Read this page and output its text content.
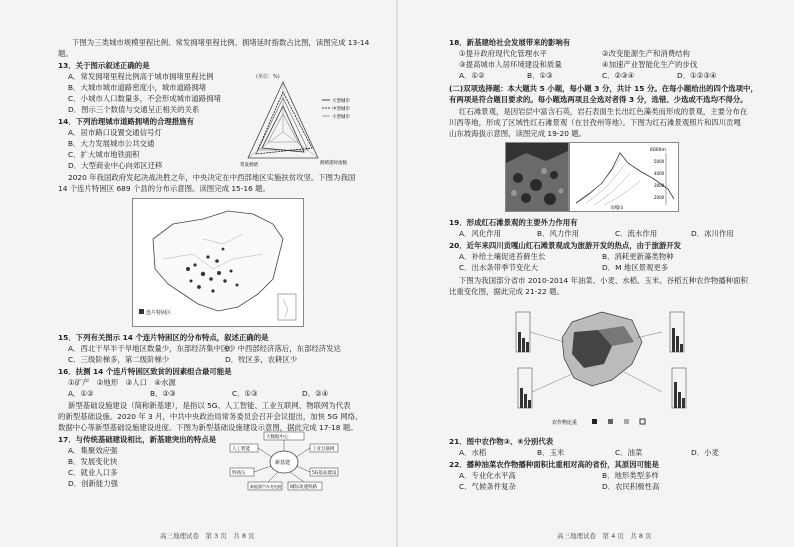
下图为三类城市规模里程比例、常发拥堵里程比例、拥堵延时指数占比图，读图完成 13-14
题。
13．关于图示叙述正确的是
A．常发拥堵里程比例高于城市拥堵里程比例
B．大城市城市道路密度小，城市道路拥堵
C．小城市人口数量多，不会形成城市道路拥堵
D．图示三个数值与交通呈正相关的关系
14．下列治理城市道路拥堵的合理措施有
A．居市路口设置交通信号灯
B．大力发展城市公共交通
C．扩大城市地铁面积
D．大型商业中心向郊区迁移
(单位：%)
大型城市
中型城市
小型城市
常发拥堵	拥堵延时指数
2020 年我国政府发起决战决胜之年，中央决定在中西部地区实施扶贫攻坚。下图为我国
14 个连片特困区 689 个县的分布示意图。读图完成 15-16 题。
连片特困区
15．下列有关图示 14 个连片特困区的分布特点，叙述正确的是
A．西北干旱半干旱地区数量少，东部经济集中区少
B．中西部经济落后，东部经济发达
C．三级阶梯多，第二级阶梯少	D．牧区多，农耕区少
16．扶测 14 个连片特困区致贫的因素组合最可能是
①矿产　②地形　③人口　④水源
A．①②	B．②③	C．①③	D．②④
新型基础设施建设（简称新基建），是指以 5G、人工智能、工业互联网、物联网为代表
的新型基础设施。2020 年 3 月，中共中央政治局常务委员会召开会议提出，加快 5G 网络、
数据中心等新型基础设施建设进度。下图为新型基础设施建设示意图，据此完成 17-18 题。
17．与传统基础建设相比，新基建突出的特点是
A．集聚效应强
B．发展变化快
C．就业人口多
D．创新能力强
新基建
大数据中心
人工智能	工业互联网
特高压	5G基站建设
新能源汽车充电桩 城际高速铁路
高三地理试卷　第 3 页　共 8 页
18．新基建给社会发展带来的影响有
①提升政府现代化管理水平	②改变能源生产和消费结构
③提高城市人居环境建设和质量	④加速产业智能化生产的步伐
A．①②	B．①③	C．②③④	D．①②③④
(二)双项选择题：本大题共 5 小题，每小题 3 分，共计 15 分。在每小题给出的四个选项中，
有两项是符合题目要求的。每小题选两项且全选对者得 3 分，选错、少选或不选均不得分。
红石滩景观，是因岩层中富含石英，岩石表面生长出红色藻类而形成的景观，主要分布在
川西等地，形成了区域性红石滩景观（在甘孜州等地）。下图为红石滩景观照片和四川贡嘎
山东坡海拔示意图，读图完成 19-20 题。
6000m
5000
4000
3000
2000
贡嘎山
19．形成红石滩景观的主要外力作用有
A．风化作用	B．风力作用	C．流水作用	D．冰川作用
20．近年来四川贡嘎山红石滩景观成为旅游开发的热点，由于旅游开发
A．补给土壤促进苔藓生长	B．消耗更新藻类物种
C．出水条带季节变化大	D．M 地区景观更多
下图为我国部分省市 2010-2014 年油菜、小麦、水稻、玉米、谷稻五种农作物播种面积
比重变化图，据此完成 21-22 题。
农作物比重
21．图中农作物③、④分别代表
A．水稻	B．玉米	C．油菜	D．小麦
22．播种油菜农作物播种面积比重相对高的省份，其原因可能是
A．专业化水平高	B．地形类型多样
C．气候条件复杂	D．农民积极性高
高三地理试卷　第 4 页　共 8 页
